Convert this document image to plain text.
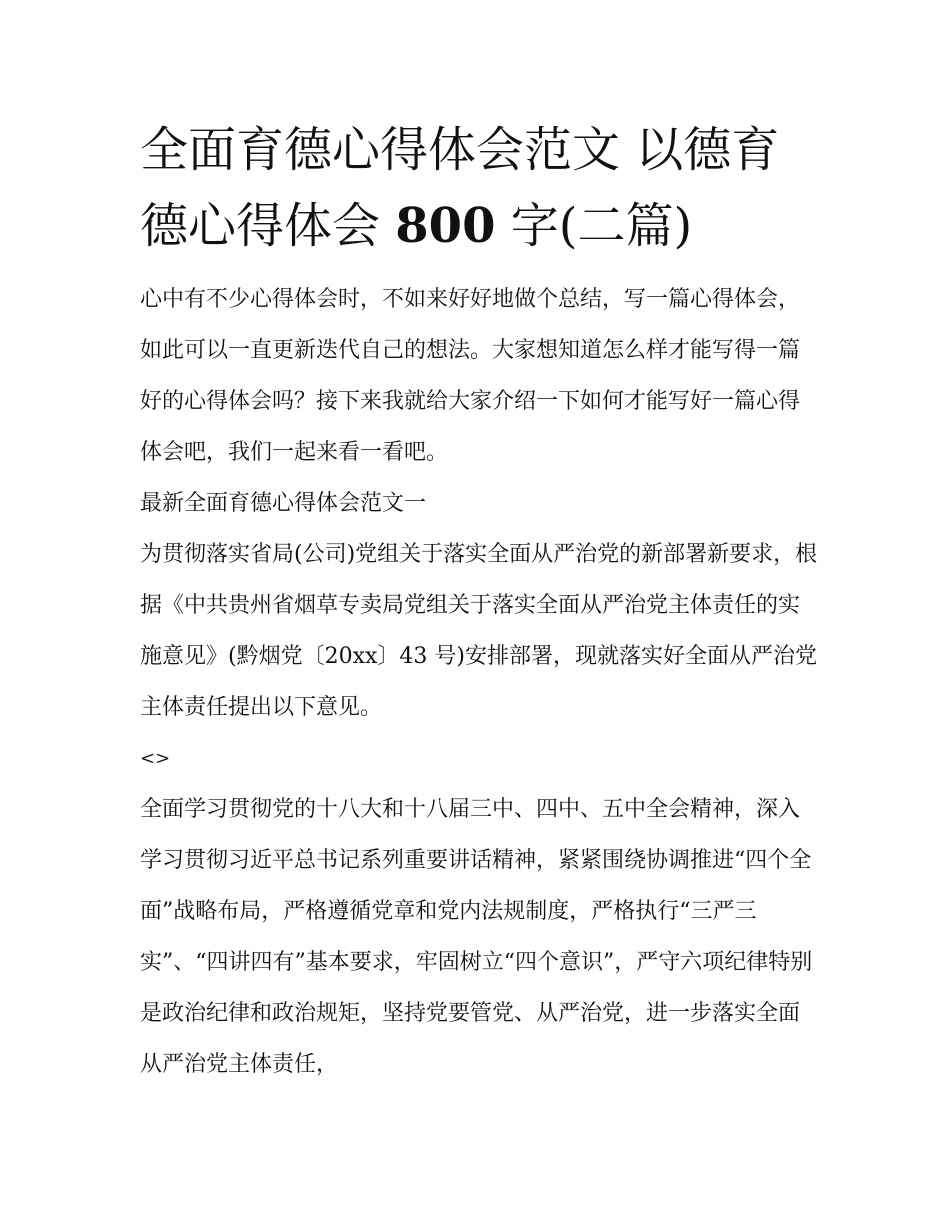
全面育德心得体会范文 以德育德心得体会 800 字(二篇)

心中有不少心得体会时，不如来好好地做个总结，写一篇心得体会，如此可以一直更新迭代自己的想法。大家想知道怎么样才能写得一篇好的心得体会吗？接下来我就给大家介绍一下如何才能写好一篇心得体会吧，我们一起来看一看吧。

最新全面育德心得体会范文一

为贯彻落实省局(公司)党组关于落实全面从严治党的新部署新要求，根据《中共贵州省烟草专卖局党组关于落实全面从严治党主体责任的实施意见》(黔烟党〔20xx〕43 号)安排部署，现就落实好全面从严治党主体责任提出以下意见。

<>

全面学习贯彻党的十八大和十八届三中、四中、五中全会精神，深入学习贯彻习近平总书记系列重要讲话精神，紧紧围绕协调推进“四个全面”战略布局，严格遵循党章和党内法规制度，严格执行“三严三实”、“四讲四有”基本要求，牢固树立“四个意识”，严守六项纪律特别是政治纪律和政治规矩，坚持党要管党、从严治党，进一步落实全面从严治党主体责任，
